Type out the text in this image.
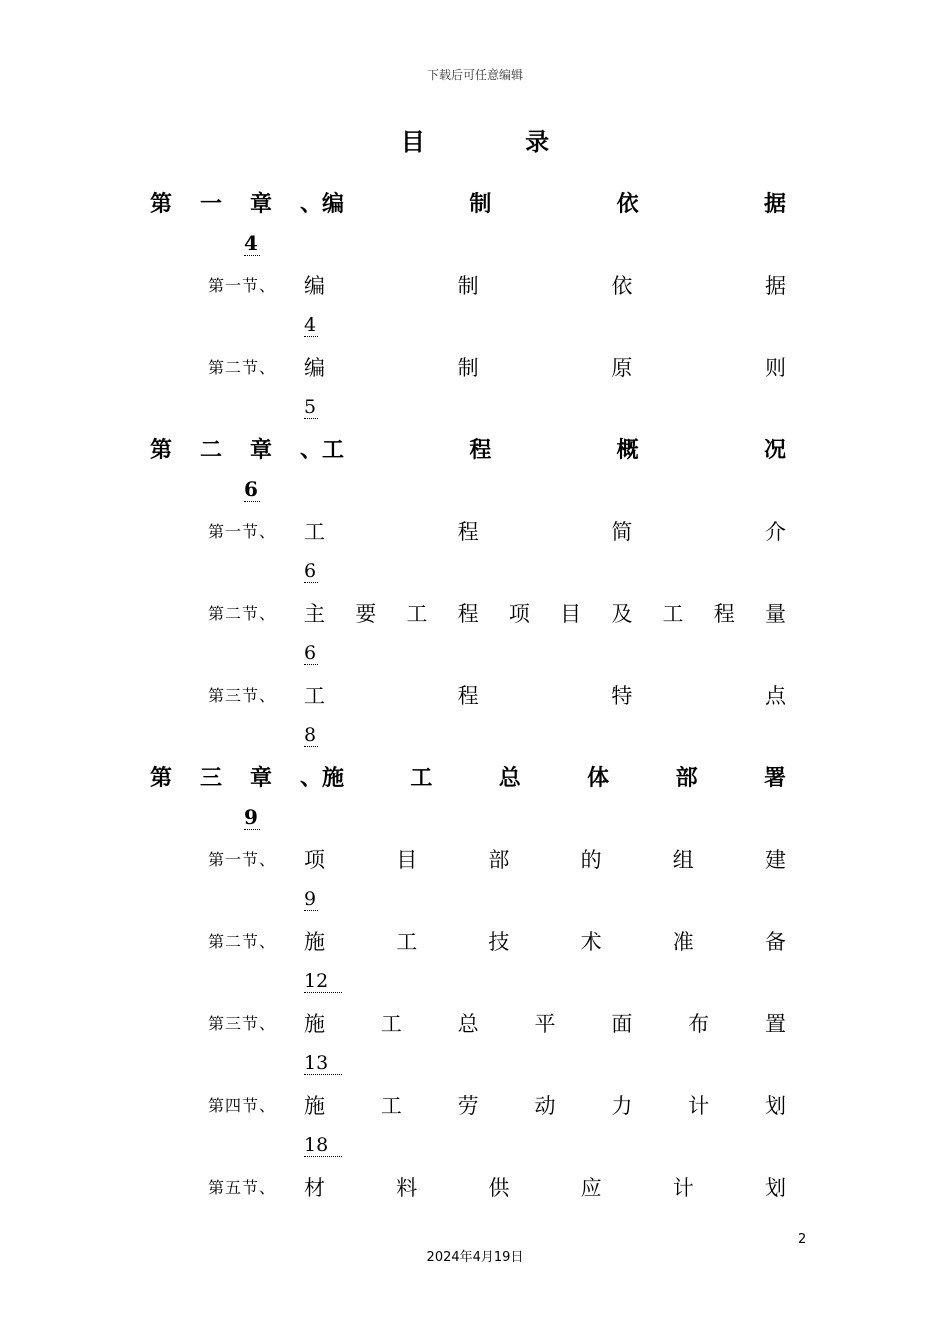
下载后可任意编辑
目 录
第 一 章 、 编	制	依	据
4
第一节、	编	制	依	据
4
第二节、	编	制	原	则
5
第 二 章 、 工	程	概	况
6
第一节、	工	程	简	介
6
第二节、	主 要 工 程 项 目 及 工 程 量
6
第三节、	工	程	特	点
8
第 三 章 、 施	工	总	体	部	署
9
第一节、	项	目	部	的	组	建
9
第二节、	施	工	技	术	准	备
12
第三节、	施	工	总	平	面	布	置
13
第四节、	施	工	劳	动	力	计	划
18
第五节、	材	料	供	应	计	划
2
2024年4月19日
